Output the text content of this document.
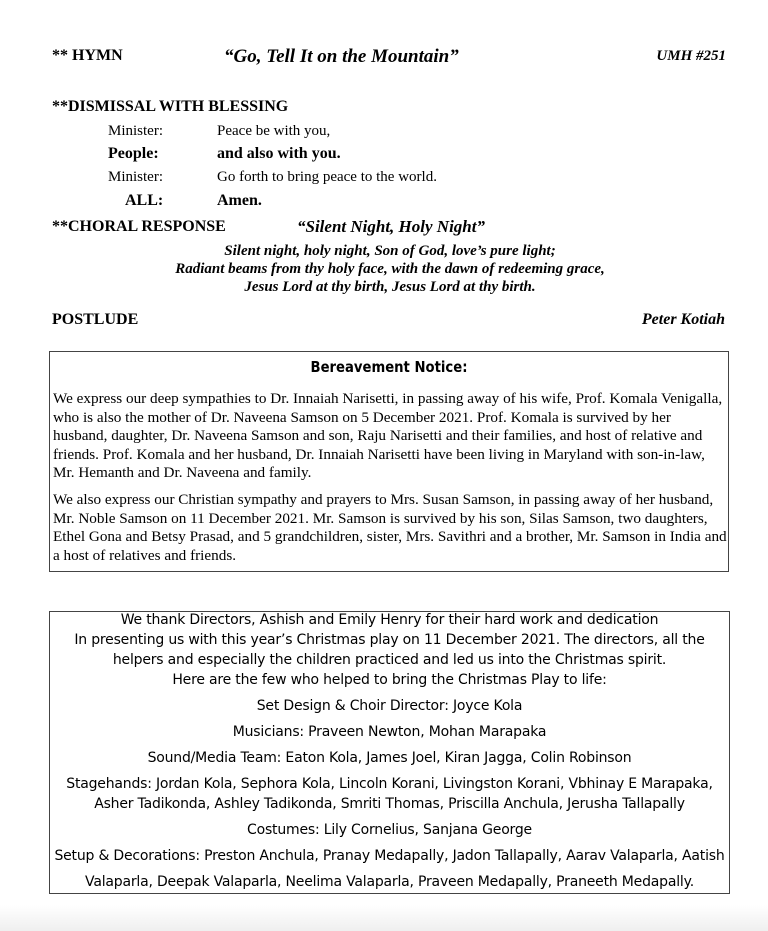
** HYMN	“Go, Tell It on the Mountain”	UMH #251
**DISMISSAL WITH BLESSING
Minister:	Peace be with you,
People:	and also with you.
Minister:	Go forth to bring peace to the world.
ALL:	Amen.
**CHORAL RESPONSE	“Silent Night, Holy Night”
Silent night, holy night, Son of God, love’s pure light;
Radiant beams from thy holy face, with the dawn of redeeming grace,
Jesus Lord at thy birth, Jesus Lord at thy birth.
POSTLUDE	Peter Kotiah
Bereavement Notice:

We express our deep sympathies to Dr. Innaiah Narisetti, in passing away of his wife, Prof. Komala Venigalla, who is also the mother of Dr. Naveena Samson on 5 December 2021. Prof. Komala is survived by her husband, daughter, Dr. Naveena Samson and son, Raju Narisetti and their families, and host of relative and friends. Prof. Komala and her husband, Dr. Innaiah Narisetti have been living in Maryland with son-in-law, Mr. Hemanth and Dr. Naveena and family.

We also express our Christian sympathy and prayers to Mrs. Susan Samson, in passing away of her husband, Mr. Noble Samson on 11 December 2021. Mr. Samson is survived by his son, Silas Samson, two daughters, Ethel Gona and Betsy Prasad, and 5 grandchildren, sister, Mrs. Savithri and a brother, Mr. Samson in India and a host of relatives and friends.

We thank Directors, Ashish and Emily Henry for their hard work and dedication
In presenting us with this year’s Christmas play on 11 December 2021. The directors, all the
helpers and especially the children practiced and led us into the Christmas spirit.
Here are the few who helped to bring the Christmas Play to life:
Set Design & Choir Director: Joyce Kola
Musicians: Praveen Newton, Mohan Marapaka
Sound/Media Team: Eaton Kola, James Joel, Kiran Jagga, Colin Robinson
Stagehands: Jordan Kola, Sephora Kola, Lincoln Korani, Livingston Korani, Vbhinay E Marapaka,
Asher Tadikonda, Ashley Tadikonda, Smriti Thomas, Priscilla Anchula, Jerusha Tallapally
Costumes: Lily Cornelius, Sanjana George
Setup & Decorations: Preston Anchula, Pranay Medapally, Jadon Tallapally, Aarav Valaparla, Aatish
Valaparla, Deepak Valaparla, Neelima Valaparla, Praveen Medapally, Praneeth Medapally.
